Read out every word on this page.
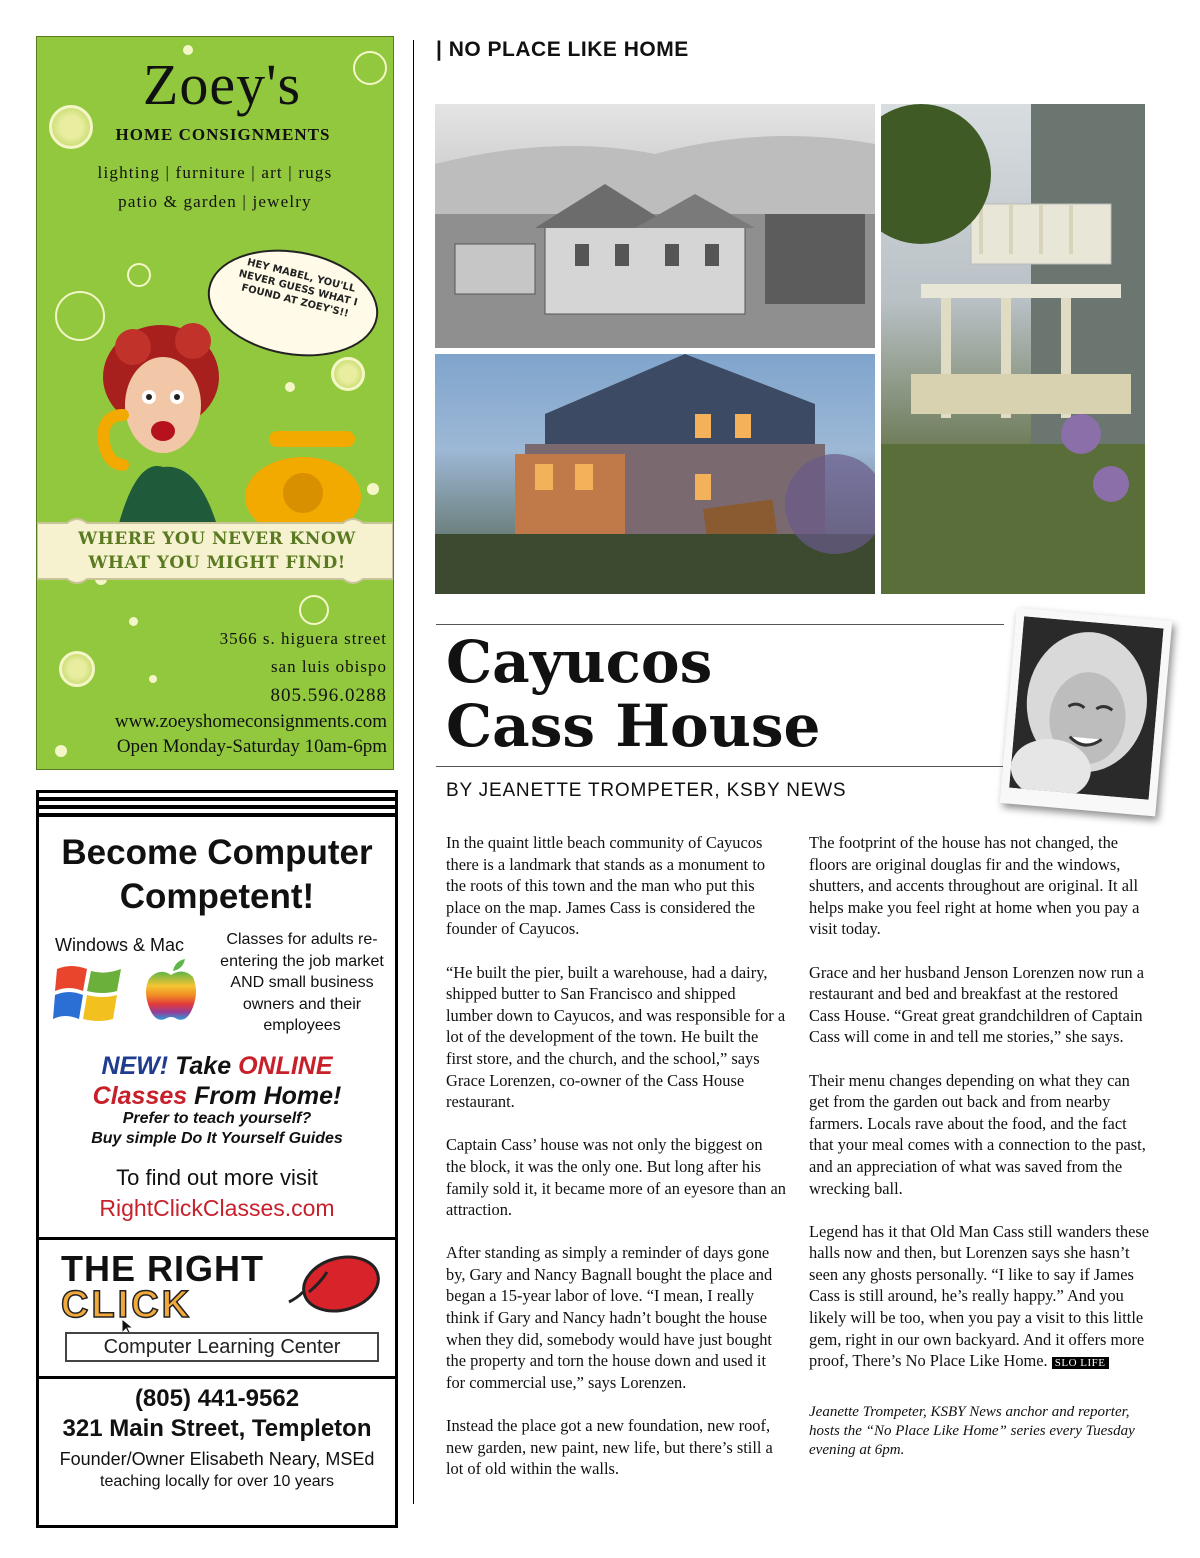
Zoey's
HOME CONSIGNMENTS
lighting | furniture | art | rugs
patio & garden | jewelry
HEY MABEL, YOU'LL NEVER GUESS WHAT I FOUND AT ZOEY'S!!
WHERE YOU NEVER KNOW
WHAT YOU MIGHT FIND!
3566 s. higuera street
san luis obispo
805.596.0288
www.zoeyshomeconsignments.com
Open Monday-Saturday 10am-6pm
Become Computer
Competent!
Windows & Mac	Classes for adults re-entering the job market AND small business owners and their employees
NEW! Take ONLINE
Classes From Home!
Prefer to teach yourself?
Buy simple Do It Yourself Guides
To find out more visit
RightClickClasses.com
THE RIGHT
CLICK
Computer Learning Center
(805) 441-9562
321 Main Street, Templeton
Founder/Owner Elisabeth Neary, MSEd
teaching locally for over 10 years
| NO PLACE LIKE HOME
Cayucos
Cass House
BY JEANETTE TROMPETER, KSBY NEWS

In the quaint little beach community of Cayucos there is a landmark that stands as a monument to the roots of this town and the man who put this place on the map. James Cass is considered the founder of Cayucos.

“He built the pier, built a warehouse, had a dairy, shipped butter to San Francisco and shipped lumber down to Cayucos, and was responsible for a lot of the development of the town. He built the first store, and the church, and the school,” says Grace Lorenzen, co-owner of the Cass House restaurant.

Captain Cass’ house was not only the biggest on the block, it was the only one. But long after his family sold it, it became more of an eyesore than an attraction.

After standing as simply a reminder of days gone by, Gary and Nancy Bagnall bought the place and began a 15-year labor of love. “I mean, I really think if Gary and Nancy hadn’t bought the house when they did, somebody would have just bought the property and torn the house down and used it for commercial use,” says Lorenzen.

Instead the place got a new foundation, new roof, new garden, new paint, new life, but there’s still a lot of old within the walls.

The footprint of the house has not changed, the floors are original douglas fir and the windows, shutters, and accents throughout are original. It all helps make you feel right at home when you pay a visit today.

Grace and her husband Jenson Lorenzen now run a restaurant and bed and breakfast at the restored Cass House. “Great great grandchildren of Captain Cass will come in and tell me stories,” she says.

Their menu changes depending on what they can get from the garden out back and from nearby farmers. Locals rave about the food, and the fact that your meal comes with a connection to the past, and an appreciation of what was saved from the wrecking ball.

Legend has it that Old Man Cass still wanders these halls now and then, but Lorenzen says she hasn’t seen any ghosts personally. “I like to say if James Cass is still around, he’s really happy.” And you likely will be too, when you pay a visit to this little gem, right in our own backyard. And it offers more proof, There’s No Place Like Home. SLO LIFE

Jeanette Trompeter, KSBY News anchor and reporter, hosts the “No Place Like Home” series every Tuesday evening at 6pm.
